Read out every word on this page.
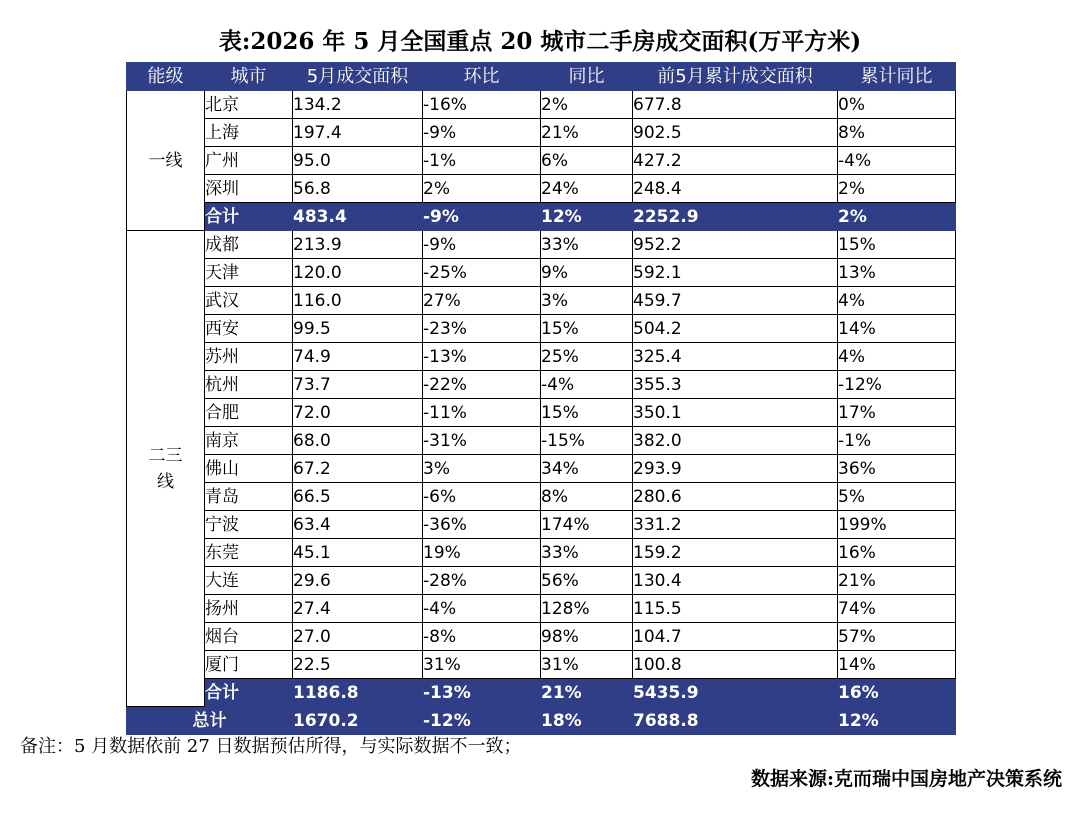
表:2026 年 5 月全国重点 20 城市二手房成交面积(万平方米)
能级	城市	5月成交面积	环比	同比	前5月累计成交面积	累计同比

一线	北京	134.2	-16%	2%	677.8	0%
	上海	197.4	-9%	21%	902.5	8%
	广州	95.0	-1%	6%	427.2	-4%
	深圳	56.8	2%	24%	248.4	2%
	合计	483.4	-9%	12%	2252.9	2%

二三线	成都	213.9	-9%	33%	952.2	15%
	天津	120.0	-25%	9%	592.1	13%
	武汉	116.0	27%	3%	459.7	4%
	西安	99.5	-23%	15%	504.2	14%
	苏州	74.9	-13%	25%	325.4	4%
	杭州	73.7	-22%	-4%	355.3	-12%
	合肥	72.0	-11%	15%	350.1	17%
	南京	68.0	-31%	-15%	382.0	-1%
	佛山	67.2	3%	34%	293.9	36%
	青岛	66.5	-6%	8%	280.6	5%
	宁波	63.4	-36%	174%	331.2	199%
	东莞	45.1	19%	33%	159.2	16%
	大连	29.6	-28%	56%	130.4	21%
	扬州	27.4	-4%	128%	115.5	74%
	烟台	27.0	-8%	98%	104.7	57%
	厦门	22.5	31%	31%	100.8	14%
	合计	1186.8	-13%	21%	5435.9	16%
总计		1670.2	-12%	18%	7688.8	12%
备注：5 月数据依前 27 日数据预估所得，与实际数据不一致；
数据来源:克而瑞中国房地产决策系统
